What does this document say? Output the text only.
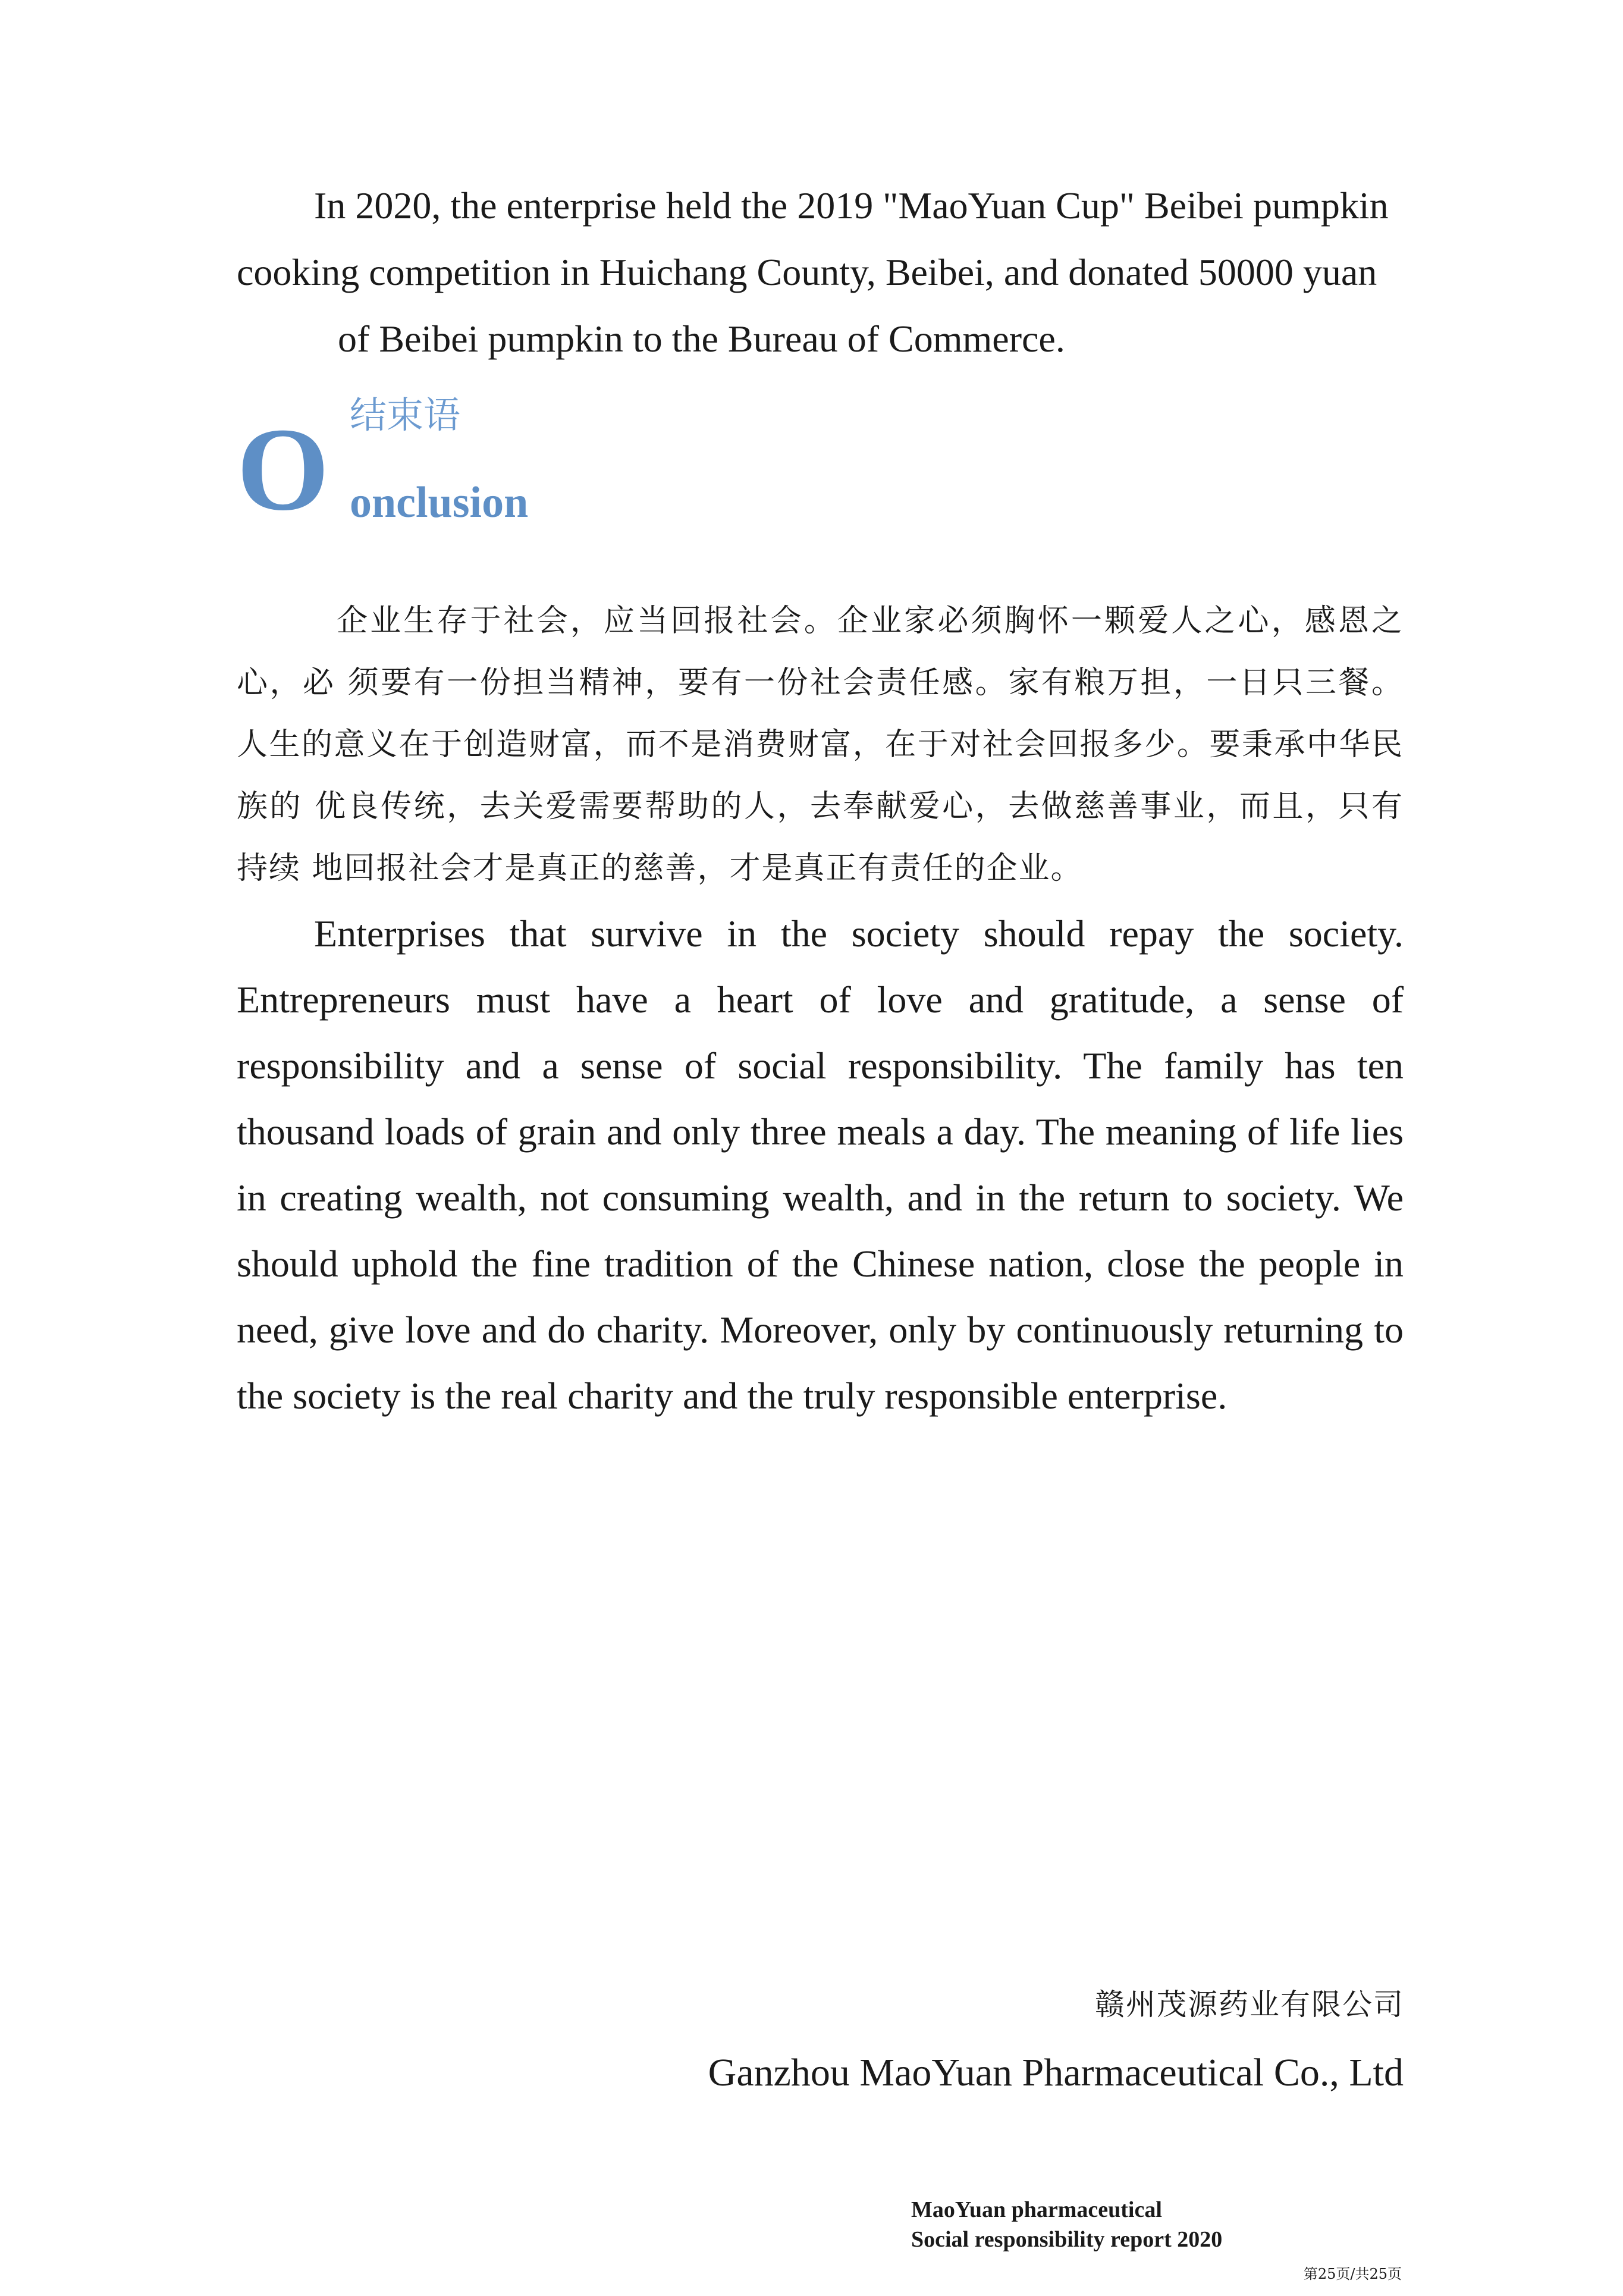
In 2020, the enterprise held the 2019 "MaoYuan Cup" Beibei pumpkin
cooking competition in Huichang County, Beibei, and donated 50000 yuan
of Beibei pumpkin to the Bureau of Commerce.
O 结束语
onclusion

企业生存于社会，应当回报社会。企业家必须胸怀一颗爱人之心，感恩之心，必 须要有一份担当精神，要有一份社会责任感。家有粮万担，一日只三餐。人生的意义在于创造财富，而不是消费财富，在于对社会回报多少。要秉承中华民族的 优良传统，去关爱需要帮助的人，去奉献爱心，去做慈善事业，而且，只有持续 地回报社会才是真正的慈善，才是真正有责任的企业。

Enterprises that survive in the society should repay the society. Entrepreneurs must have a heart of love and gratitude, a sense of responsibility and a sense of social responsibility. The family has ten thousand loads of grain and only three meals a day. The meaning of life lies in creating wealth, not consuming wealth, and in the return to society. We should uphold the fine tradition of the Chinese nation, close the people in need, give love and do charity. Moreover, only by continuously returning to the society is the real charity and the truly responsible enterprise.

赣州茂源药业有限公司
Ganzhou MaoYuan Pharmaceutical Co., Ltd
MaoYuan pharmaceutical
Social responsibility report 2020
第25页/共25页
